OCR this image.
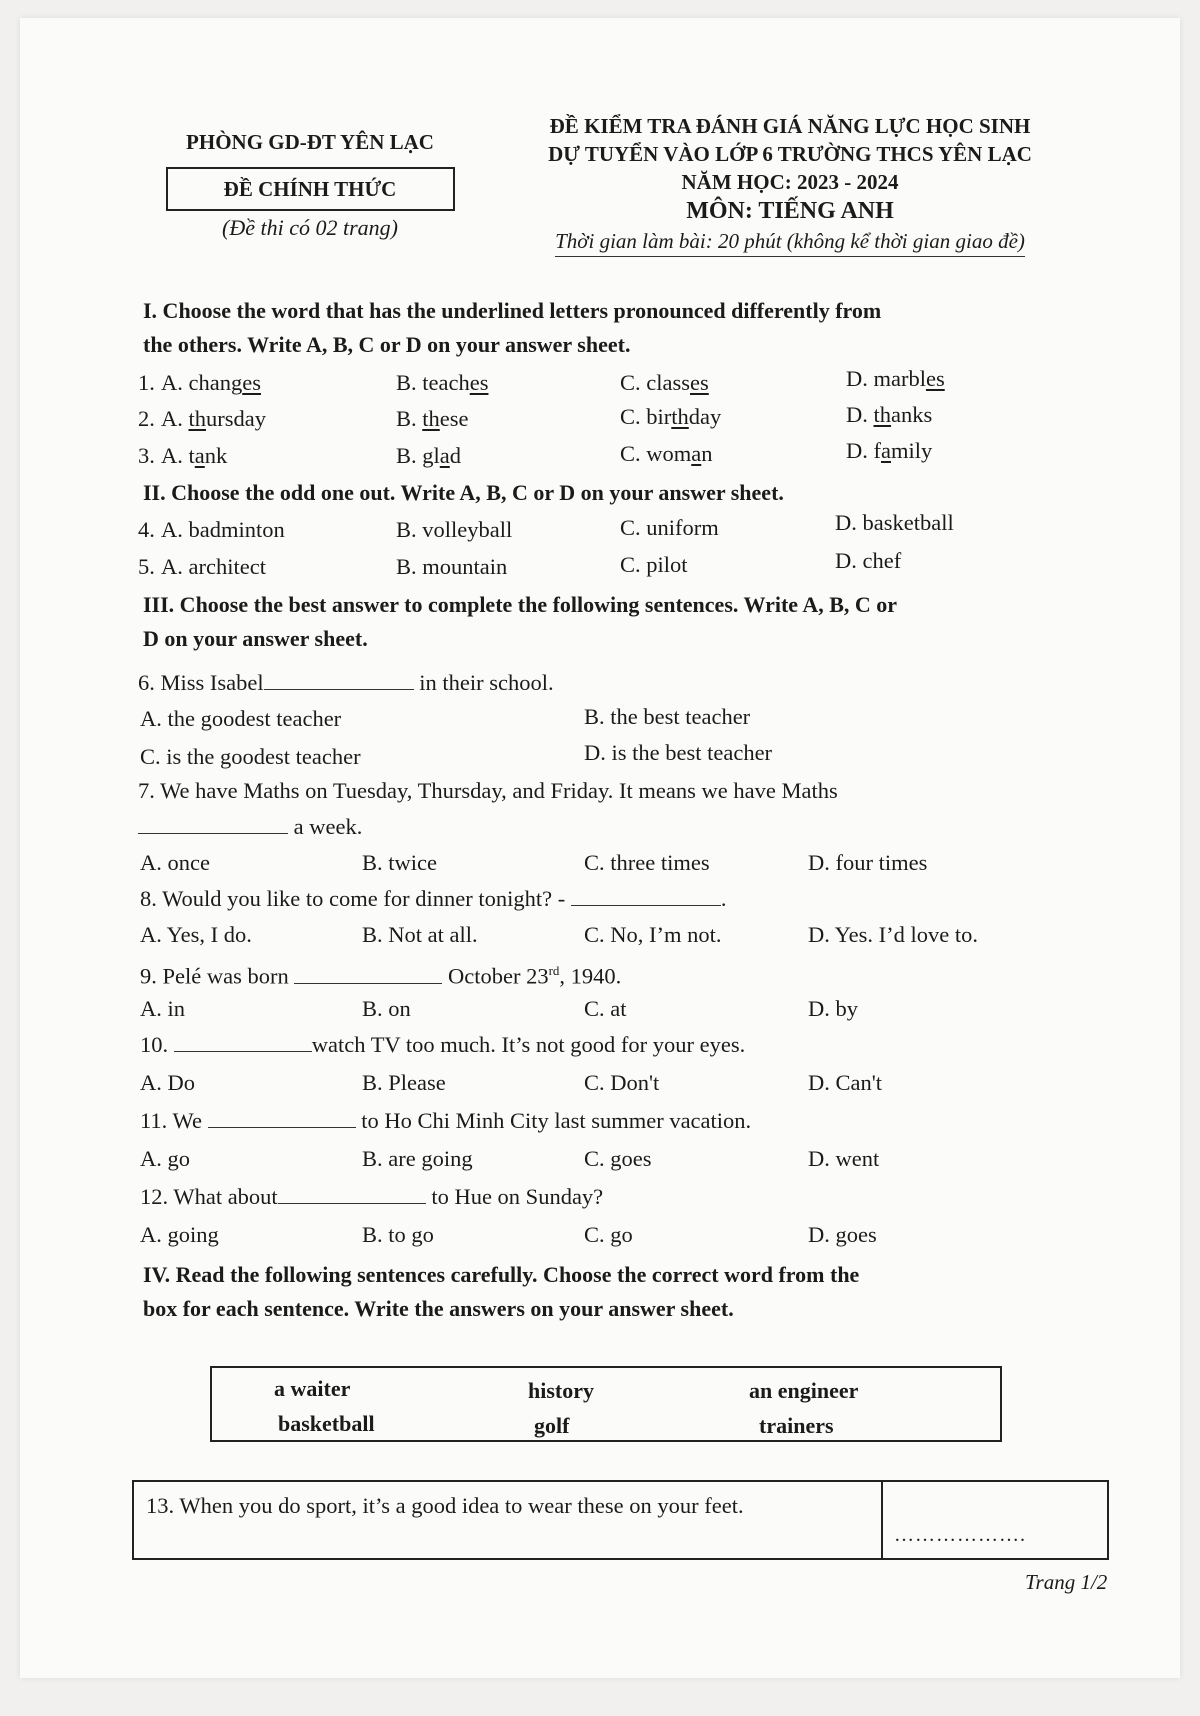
PHÒNG GD-ĐT YÊN LẠC
ĐỀ CHÍNH THỨC
(Đề thi có 02 trang)
ĐỀ KIỂM TRA ĐÁNH GIÁ NĂNG LỰC HỌC SINH
DỰ TUYỂN VÀO LỚP 6 TRƯỜNG THCS YÊN LẠC
NĂM HỌC: 2023 - 2024
MÔN: TIẾNG ANH
Thời gian làm bài: 20 phút (không kể thời gian giao đề)
I. Choose the word that has the underlined letters pronounced differently from
the others. Write A, B, C or D on your answer sheet.
1. A. changes	B. teaches	C. classes	D. marbles
2. A. thursday	B. these	C. birthday	D. thanks
3. A. tank	B. glad	C. woman	D. family
II. Choose the odd one out. Write A, B, C or D on your answer sheet.
4. A. badminton	B. volleyball	C. uniform	D. basketball
5. A. architect	B. mountain	C. pilot	D. chef
III. Choose the best answer to complete the following sentences. Write A, B, C or
D on your answer sheet.
6. Miss Isabel	in their school.
A. the goodest teacher	B. the best teacher
C. is the goodest teacher	D. is the best teacher
7. We have Maths on Tuesday, Thursday, and Friday. It means we have Maths
a week.
A. once	B. twice	C. three times	D. four times
8. Would you like to come for dinner tonight? -	.
A. Yes, I do.	B. Not at all.	C. No, I’m not.	D. Yes. I’d love to.
9. Pelé was born	October 23rd, 1940.
A. in	B. on	C. at	D. by
10.	watch TV too much. It’s not good for your eyes.
A. Do	B. Please	C. Don't	D. Can't
11. We	to Ho Chi Minh City last summer vacation.
A. go	B. are going	C. goes	D. went
12. What about	to Hue on Sunday?
A. going	B. to go	C. go	D. goes
IV. Read the following sentences carefully. Choose the correct word from the
box for each sentence. Write the answers on your answer sheet.
a waiter	history	an engineer
basketball	golf	trainers
13. When you do sport, it’s a good idea to wear these on your feet.
……………….
Trang 1/2
